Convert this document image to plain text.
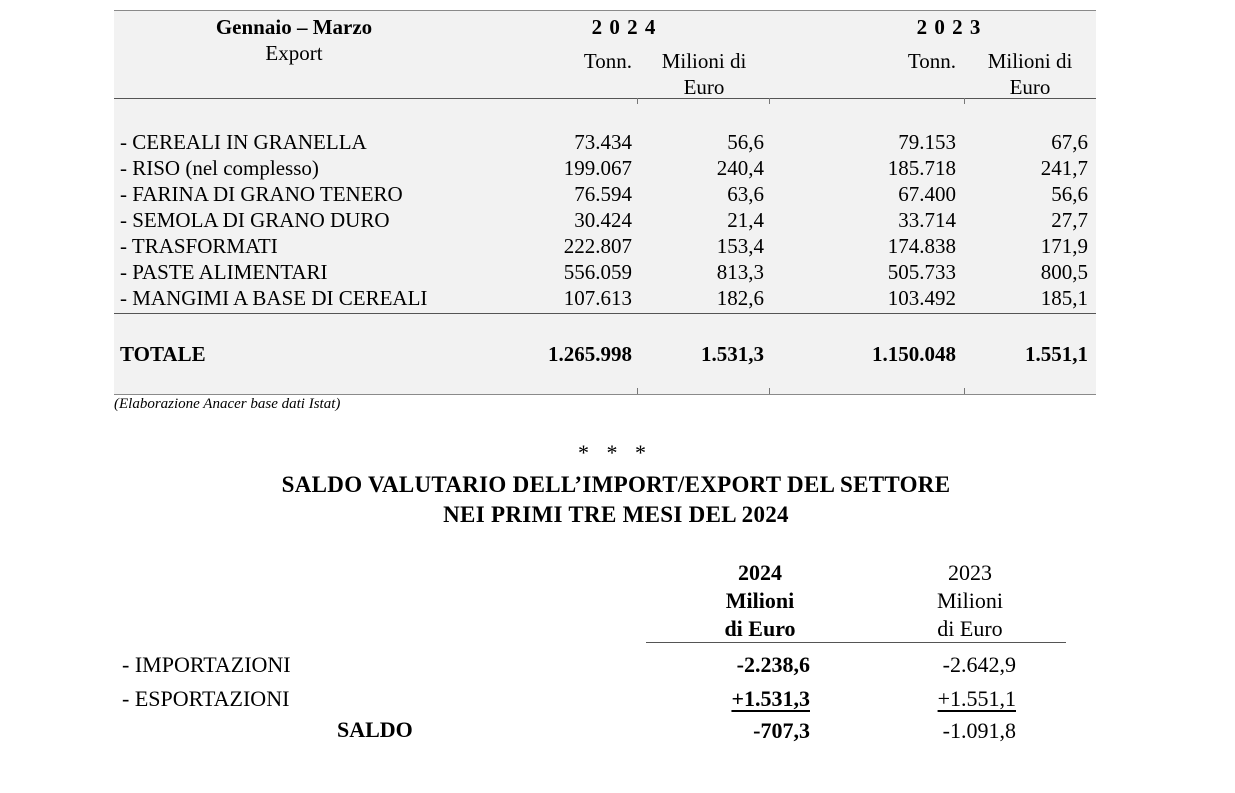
Gennaio – Marzo
Export
2 0 2 4	2 0 2 3
Tonn.	Milioni di
Euro
Tonn.	Milioni di
Euro
- CEREALI IN GRANELLA	73.434	56,6	79.153	67,6
- RISO (nel complesso)	199.067	240,4	185.718	241,7
- FARINA DI GRANO TENERO	76.594	63,6	67.400	56,6
- SEMOLA DI GRANO DURO	30.424	21,4	33.714	27,7
- TRASFORMATI	222.807	153,4	174.838	171,9
- PASTE ALIMENTARI	556.059	813,3	505.733	800,5
- MANGIMI A BASE DI CEREALI	107.613	182,6	103.492	185,1
TOTALE	1.265.998	1.531,3	1.150.048	1.551,1
(Elaborazione Anacer base dati Istat)
* * *
SALDO VALUTARIO DELL’IMPORT/EXPORT DEL SETTORE
NEI PRIMI TRE MESI DEL 2024
2024
Milioni
di Euro
2023
Milioni
di Euro
- IMPORTAZIONI	-2.238,6	-2.642,9
- ESPORTAZIONI	+1.531,3	+1.551,1
SALDO	-707,3	-1.091,8
